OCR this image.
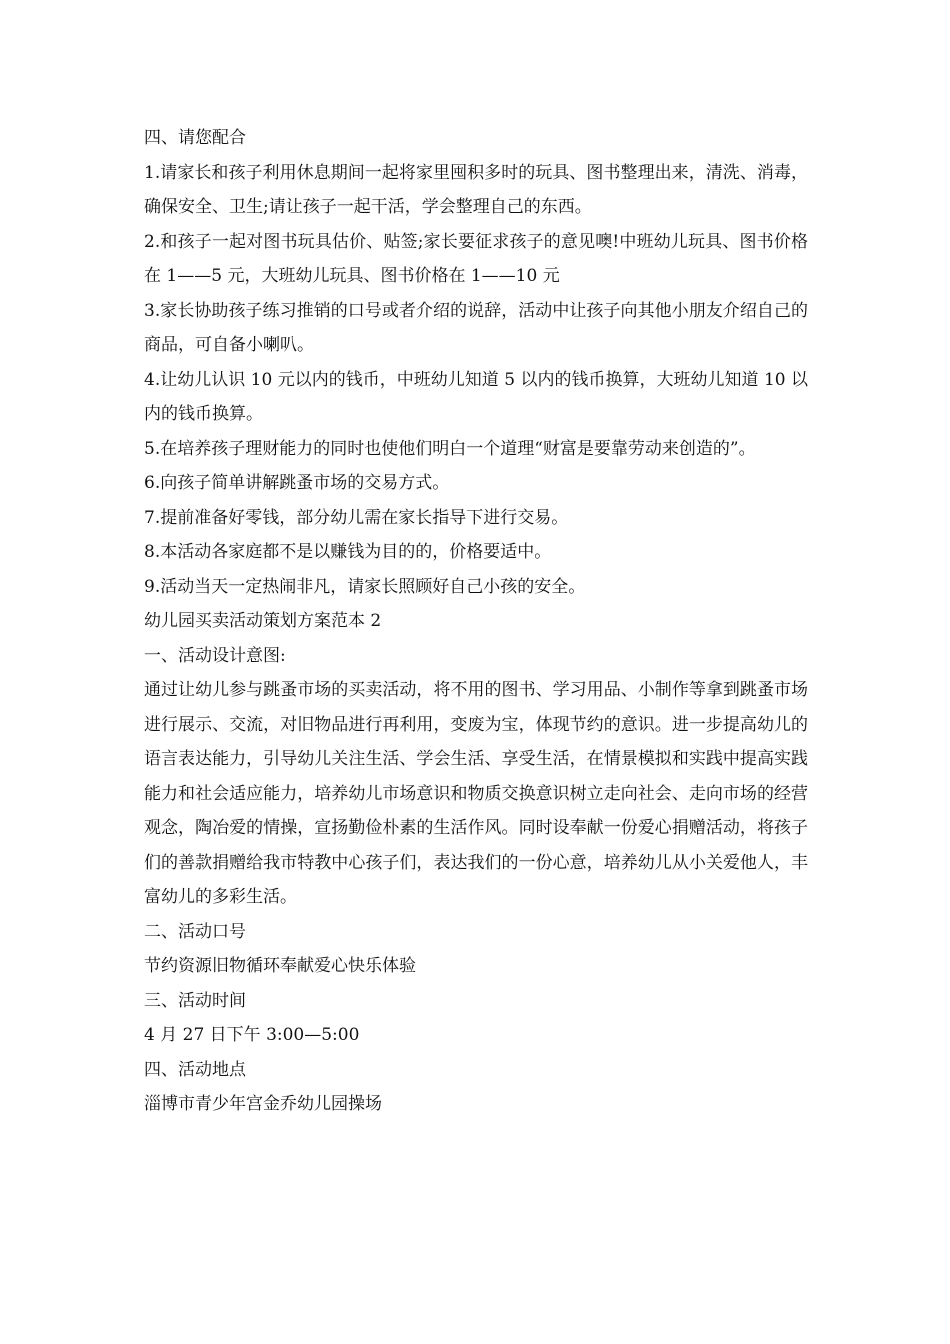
四、请您配合
1.请家长和孩子利用休息期间一起将家里囤积多时的玩具、图书整理出来，清洗、消毒，确保安全、卫生;请让孩子一起干活，学会整理自己的东西。
2.和孩子一起对图书玩具估价、贴签;家长要征求孩子的意见噢!中班幼儿玩具、图书价格在 1——5 元，大班幼儿玩具、图书价格在 1——10 元
3.家长协助孩子练习推销的口号或者介绍的说辞，活动中让孩子向其他小朋友介绍自己的商品，可自备小喇叭。
4.让幼儿认识 10 元以内的钱币，中班幼儿知道 5 以内的钱币换算，大班幼儿知道 10 以内的钱币换算。
5.在培养孩子理财能力的同时也使他们明白一个道理“财富是要靠劳动来创造的”。
6.向孩子简单讲解跳蚤市场的交易方式。
7.提前准备好零钱，部分幼儿需在家长指导下进行交易。
8.本活动各家庭都不是以赚钱为目的的，价格要适中。
9.活动当天一定热闹非凡，请家长照顾好自己小孩的安全。
幼儿园买卖活动策划方案范本 2
一、活动设计意图:
通过让幼儿参与跳蚤市场的买卖活动，将不用的图书、学习用品、小制作等拿到跳蚤市场进行展示、交流，对旧物品进行再利用，变废为宝，体现节约的意识。进一步提高幼儿的语言表达能力，引导幼儿关注生活、学会生活、享受生活，在情景模拟和实践中提高实践能力和社会适应能力，培养幼儿市场意识和物质交换意识树立走向社会、走向市场的经营观念，陶冶爱的情操，宣扬勤俭朴素的生活作风。同时设奉献一份爱心捐赠活动，将孩子们的善款捐赠给我市特教中心孩子们，表达我们的一份心意，培养幼儿从小关爱他人，丰富幼儿的多彩生活。
二、活动口号
节约资源旧物循环奉献爱心快乐体验
三、活动时间
4 月 27 日下午 3:00—5:00
四、活动地点
淄博市青少年宫金乔幼儿园操场
